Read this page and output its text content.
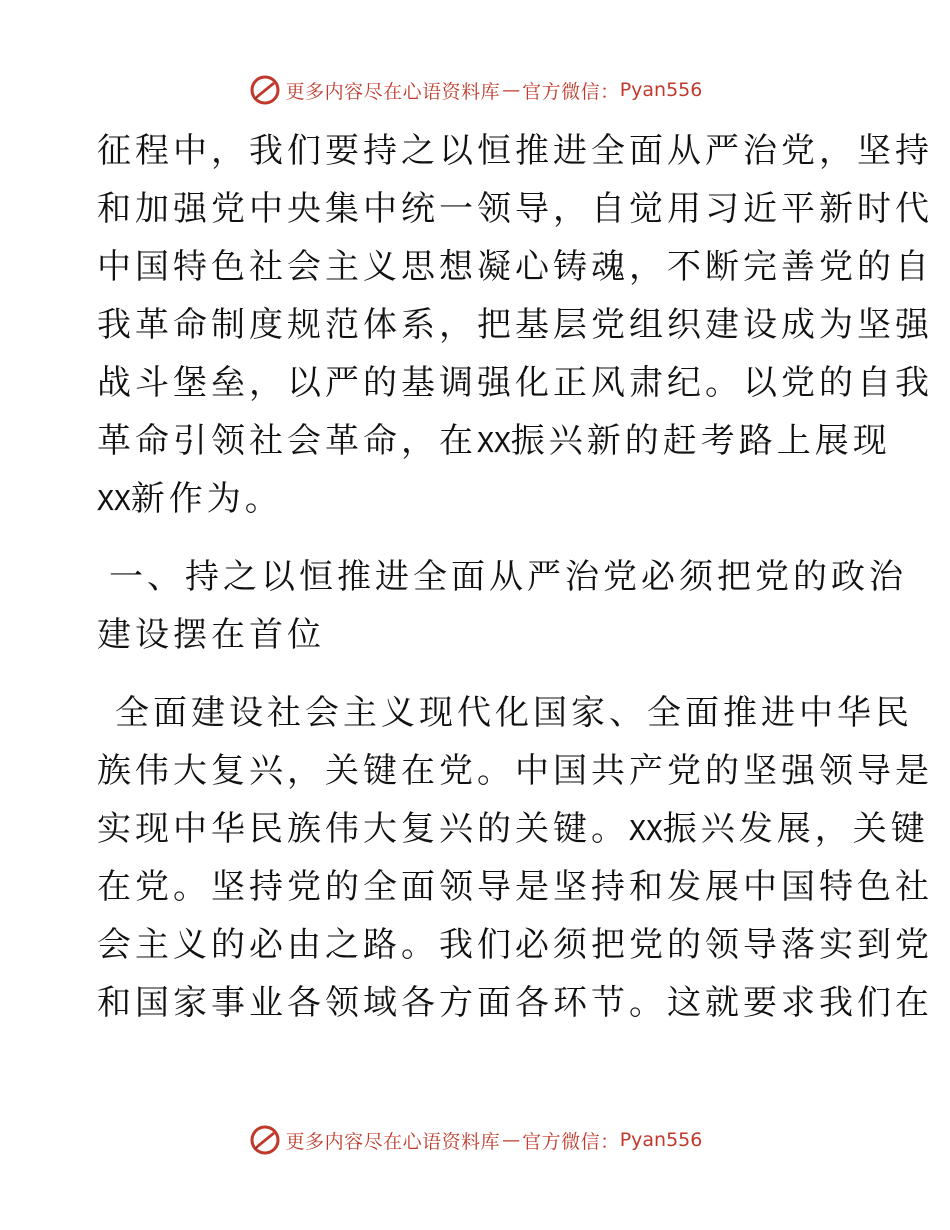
更多内容尽在心语资料库 — 官方微信： Pyan556
征程中，我们要持之以恒推进全面从严治党，坚持
和加强党中央集中统一领导，自觉用习近平新时代
中国特色社会主义思想凝心铸魂，不断完善党的自
我革命制度规范体系，把基层党组织建设成为坚强
战斗堡垒，以严的基调强化正风肃纪。以党的自我
革命引领社会革命，在XX振兴新的赶考路上展现
XX新作为。
一、持之以恒推进全面从严治党必须把党的政治
建设摆在首位
全面建设社会主义现代化国家、全面推进中华民
族伟大复兴，关键在党。中国共产党的坚强领导是
实现中华民族伟大复兴的关键。XX振兴发展，关键
在党。坚持党的全面领导是坚持和发展中国特色社
会主义的必由之路。我们必须把党的领导落实到党
和国家事业各领域各方面各环节。这就要求我们在
更多内容尽在心语资料库 — 官方微信： Pyan556
